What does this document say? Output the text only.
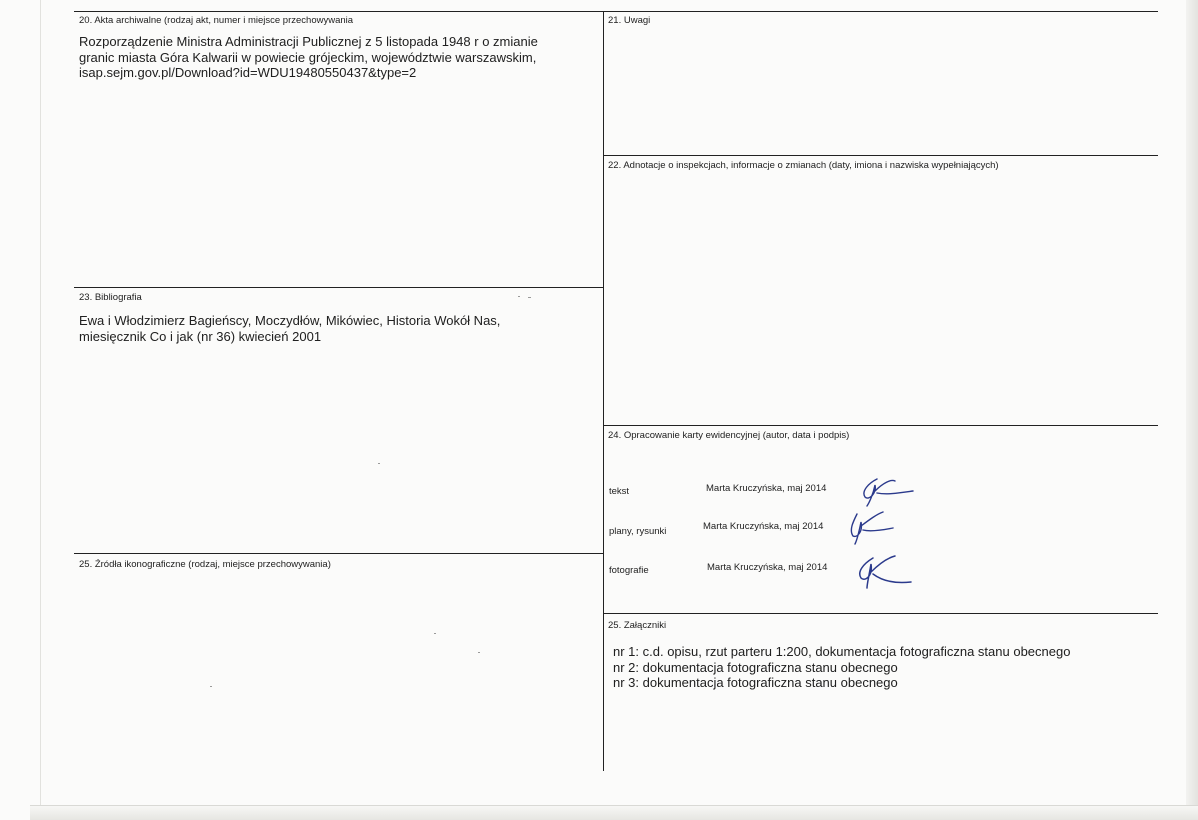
20. Akta archiwalne (rodzaj akt, numer i miejsce przechowywania
Rozporządzenie Ministra Administracji Publicznej z 5 listopada 1948 r o zmianie
granic miasta Góra Kalwarii w powiecie grójeckim, województwie warszawskim,
isap.sejm.gov.pl/Download?id=WDU19480550437&type=2
21. Uwagi
22. Adnotacje o inspekcjach, informacje o zmianach (daty, imiona i nazwiska wypełniających)
23. Bibliografia
Ewa i Włodzimierz Bagieńscy, Moczydłów, Mikówiec, Historia Wokół Nas,
miesięcznik Co i jak (nr 36) kwiecień 2001
24. Opracowanie karty ewidencyjnej (autor, data i podpis)
tekst	Marta Kruczyńska, maj 2014
plany, rysunki	Marta Kruczyńska, maj 2014
fotografie	Marta Kruczyńska, maj 2014
25. Źródła ikonograficzne (rodzaj, miejsce przechowywania)
25. Załączniki
nr 1: c.d. opisu, rzut parteru 1:200, dokumentacja fotograficzna stanu obecnego
nr 2: dokumentacja fotograficzna stanu obecnego
nr 3: dokumentacja fotograficzna stanu obecnego
